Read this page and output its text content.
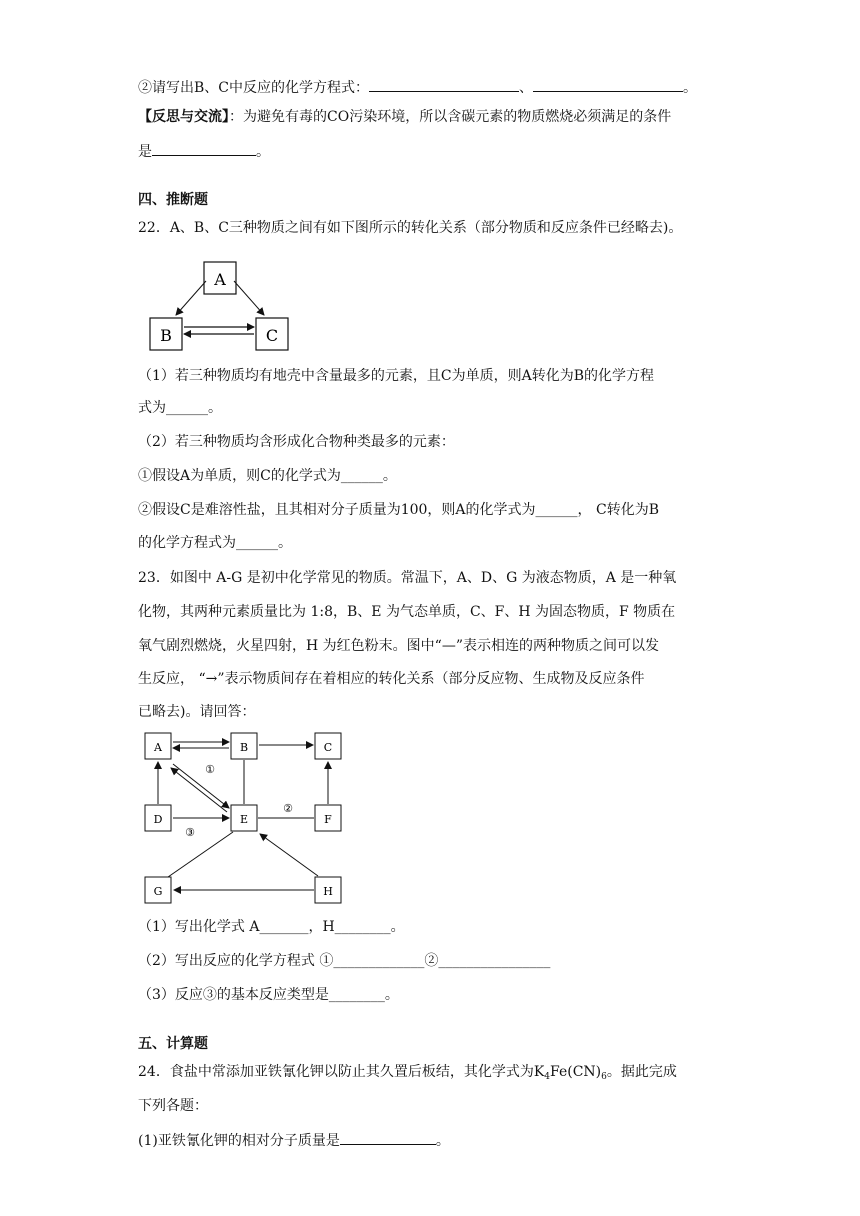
②请写出B、C中反应的化学方程式：	、	。
【反思与交流】：为避免有毒的CO污染环境，所以含碳元素的物质燃烧必须满足的条件
是	。
四、推断题
22．A、B、C三种物质之间有如下图所示的转化关系（部分物质和反应条件已经略去)。
A
B	C
（1）若三种物质均有地壳中含量最多的元素，且C为单质，则A转化为B的化学方程
式为______。
（2）若三种物质均含形成化合物种类最多的元素：
①假设A为单质，则C的化学式为______。
②假设C是难溶性盐，且其相对分子质量为100，则A的化学式为______， C转化为B
的化学方程式为______。
23．如图中 A-G 是初中化学常见的物质。常温下，A、D、G 为液态物质，A 是一种氧
化物，其两种元素质量比为 1:8，B、E 为气态单质，C、F、H 为固态物质，F 物质在
氧气剧烈燃烧，火星四射，H 为红色粉末。图中“—”表示相连的两种物质之间可以发
生反应， “→”表示物质间存在着相应的转化关系（部分反应物、生成物及反应条件
已略去)。请回答：
A	B	C
D	E	F
G	H
①
③
②
（1）写出化学式 A_______，H________。
（2）写出反应的化学方程式 ①_____________②________________
（3）反应③的基本反应类型是________。
五、计算题
24．食盐中常添加亚铁氰化钾以防止其久置后板结，其化学式为$K_4Fe(CN)_6$。据此完成
下列各题：
(1)亚铁氰化钾的相对分子质量是	。
